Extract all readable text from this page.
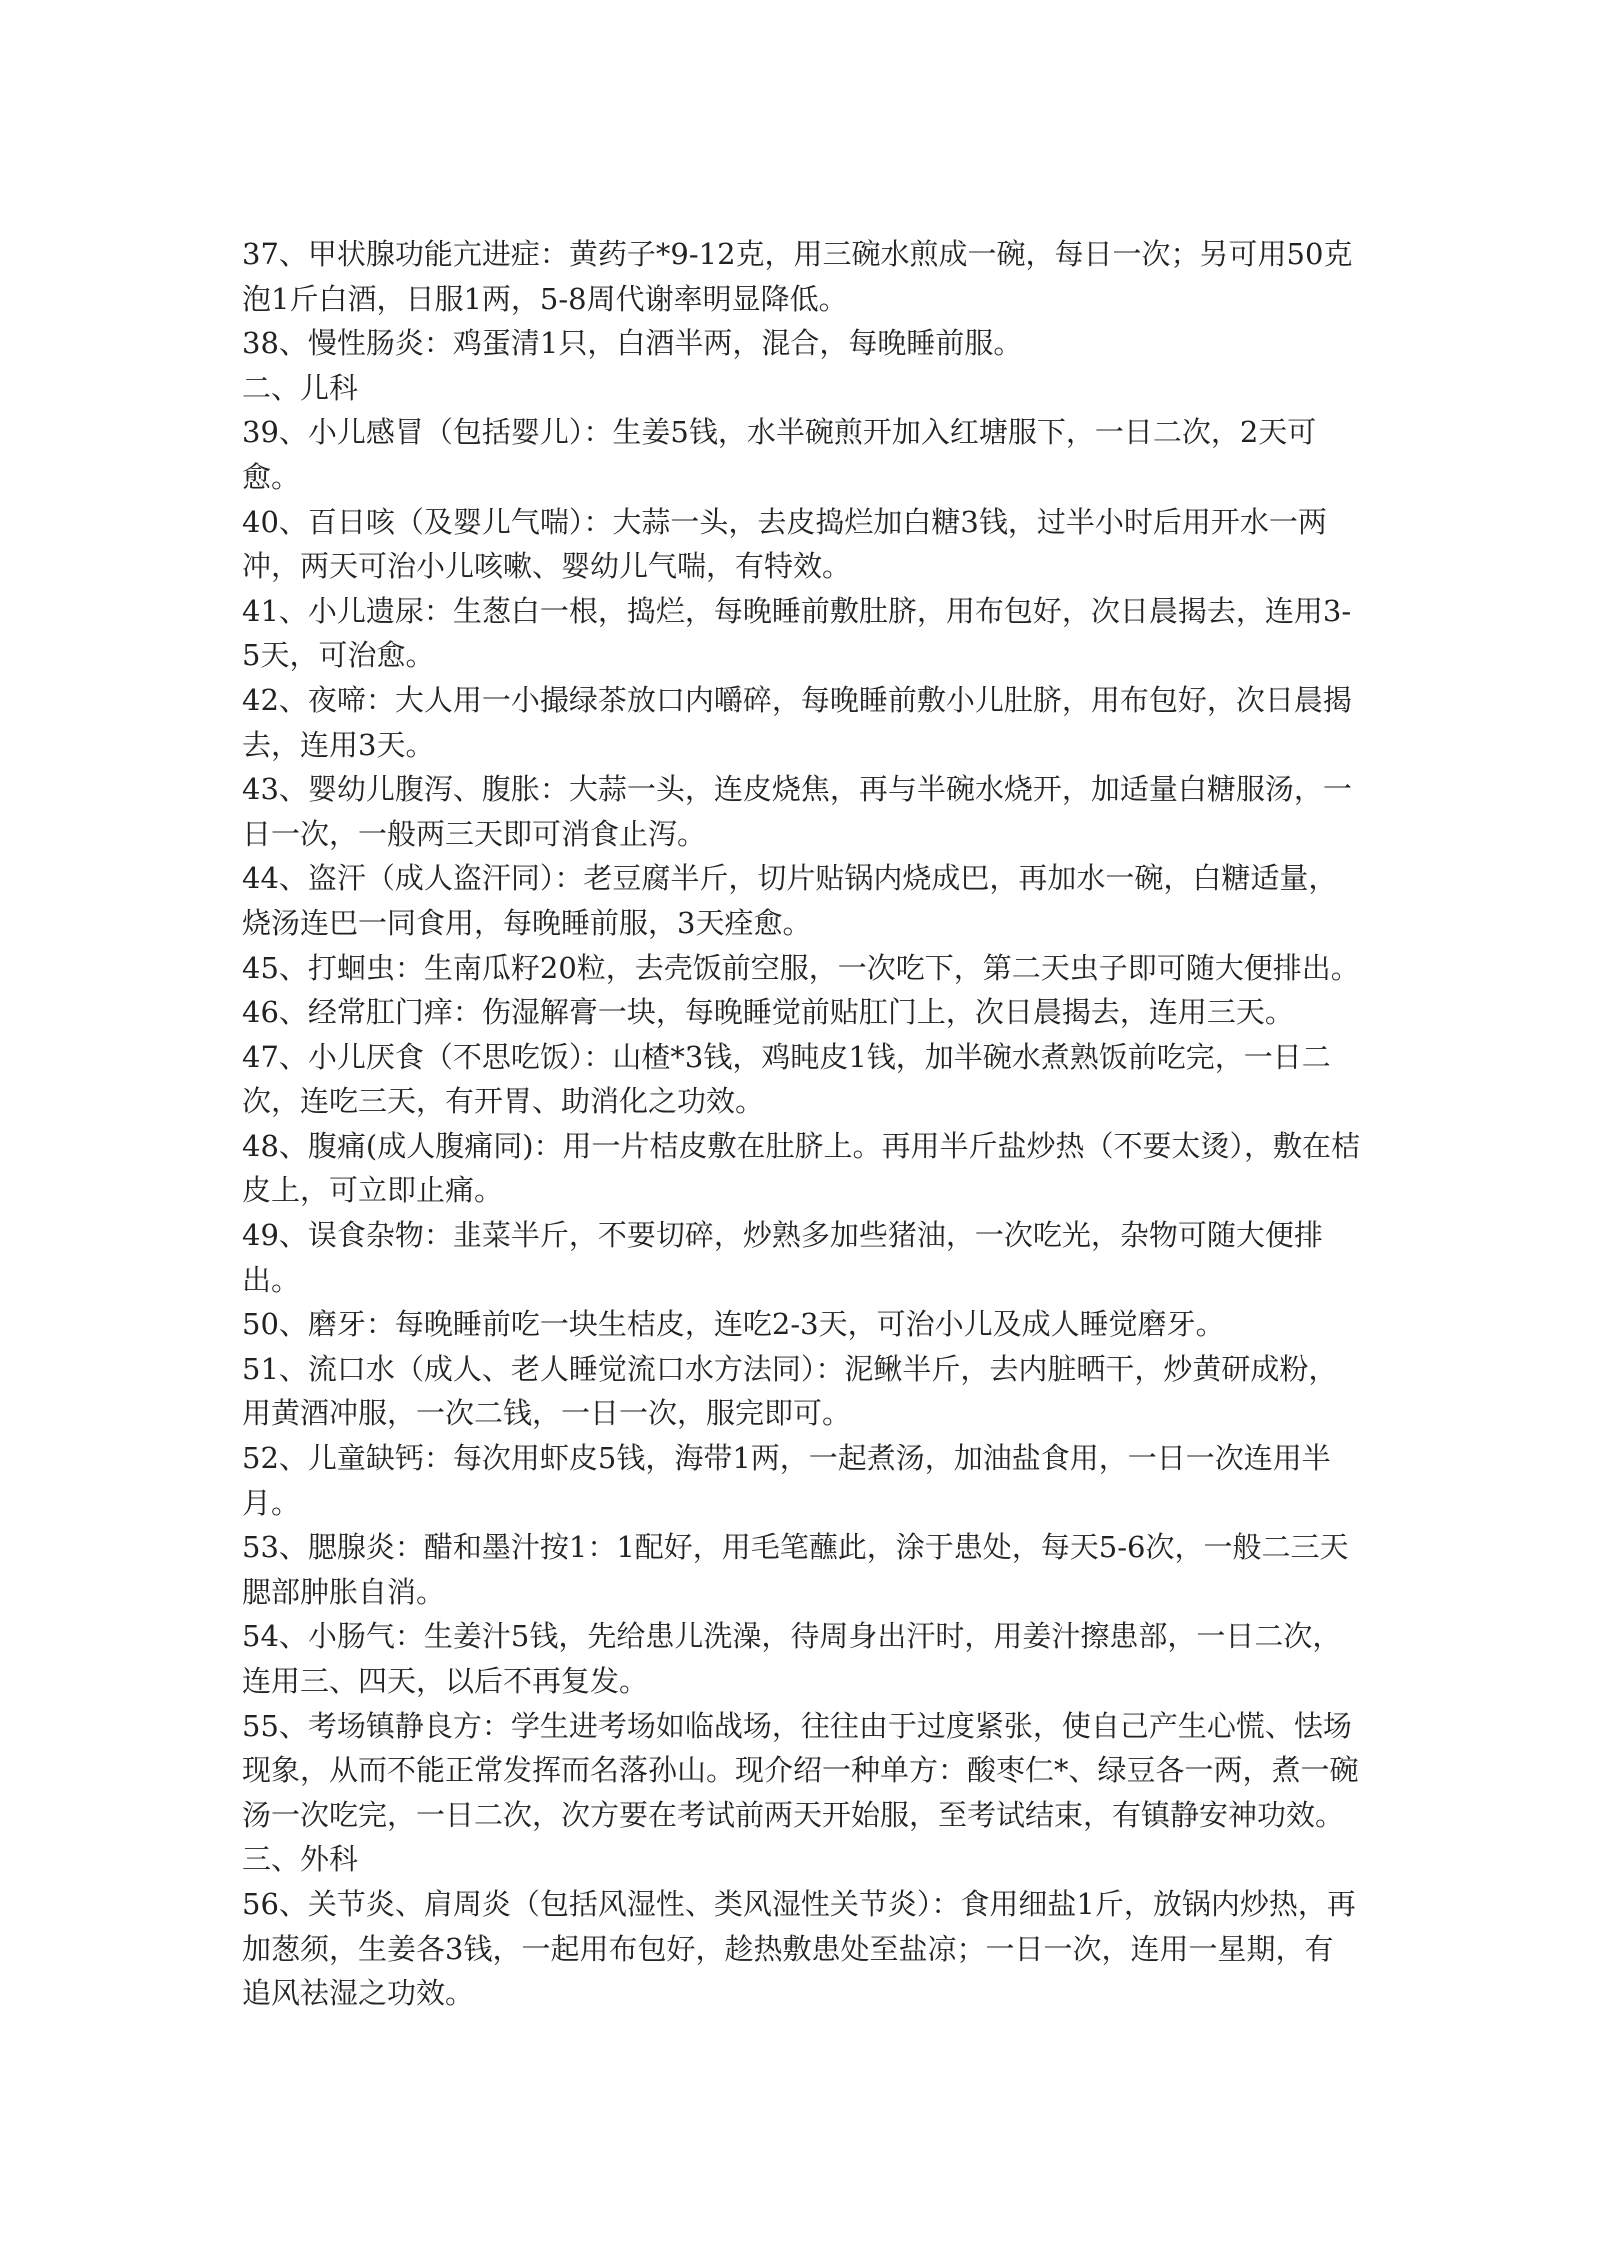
37、甲状腺功能亢进症：黄药子*9-12克，用三碗水煎成一碗，每日一次；另可用50克泡1斤白酒，日服1两，5-8周代谢率明显降低。

38、慢性肠炎：鸡蛋清1只，白酒半两，混合，每晚睡前服。

二、儿科

39、小儿感冒（包括婴儿）：生姜5钱，水半碗煎开加入红塘服下，一日二次，2天可愈。

40、百日咳（及婴儿气喘）：大蒜一头，去皮捣烂加白糖3钱，过半小时后用开水一两冲，两天可治小儿咳嗽、婴幼儿气喘，有特效。

41、小儿遗尿：生葱白一根，捣烂，每晚睡前敷肚脐，用布包好，次日晨揭去，连用3-5天，可治愈。

42、夜啼：大人用一小撮绿茶放口内嚼碎，每晚睡前敷小儿肚脐，用布包好，次日晨揭去，连用3天。

43、婴幼儿腹泻、腹胀：大蒜一头，连皮烧焦，再与半碗水烧开，加适量白糖服汤，一日一次，一般两三天即可消食止泻。

44、盗汗（成人盗汗同）：老豆腐半斤，切片贴锅内烧成巴，再加水一碗，白糖适量，烧汤连巴一同食用，每晚睡前服，3天痊愈。

45、打蛔虫：生南瓜籽20粒，去壳饭前空服，一次吃下，第二天虫子即可随大便排出。

46、经常肛门痒：伤湿解膏一块，每晚睡觉前贴肛门上，次日晨揭去，连用三天。

47、小儿厌食（不思吃饭）：山楂*3钱，鸡盹皮1钱，加半碗水煮熟饭前吃完，一日二次，连吃三天，有开胃、助消化之功效。

48、腹痛(成人腹痛同)：用一片桔皮敷在肚脐上。再用半斤盐炒热（不要太烫），敷在桔皮上，可立即止痛。

49、误食杂物：韭菜半斤，不要切碎，炒熟多加些猪油，一次吃光，杂物可随大便排出。

50、磨牙：每晚睡前吃一块生桔皮，连吃2-3天，可治小儿及成人睡觉磨牙。

51、流口水（成人、老人睡觉流口水方法同）：泥鳅半斤，去内脏晒干，炒黄研成粉，用黄酒冲服，一次二钱，一日一次，服完即可。

52、儿童缺钙：每次用虾皮5钱，海带1两，一起煮汤，加油盐食用，一日一次连用半月。

53、腮腺炎：醋和墨汁按1：1配好，用毛笔蘸此，涂于患处，每天5-6次，一般二三天腮部肿胀自消。

54、小肠气：生姜汁5钱，先给患儿洗澡，待周身出汗时，用姜汁擦患部，一日二次，连用三、四天，以后不再复发。

55、考场镇静良方：学生进考场如临战场，往往由于过度紧张，使自己产生心慌、怯场现象，从而不能正常发挥而名落孙山。现介绍一种单方：酸枣仁*、绿豆各一两，煮一碗汤一次吃完，一日二次，次方要在考试前两天开始服，至考试结束，有镇静安神功效。

三、外科

56、关节炎、肩周炎（包括风湿性、类风湿性关节炎）：食用细盐1斤，放锅内炒热，再加葱须，生姜各3钱，一起用布包好，趁热敷患处至盐凉；一日一次，连用一星期，有追风祛湿之功效。
